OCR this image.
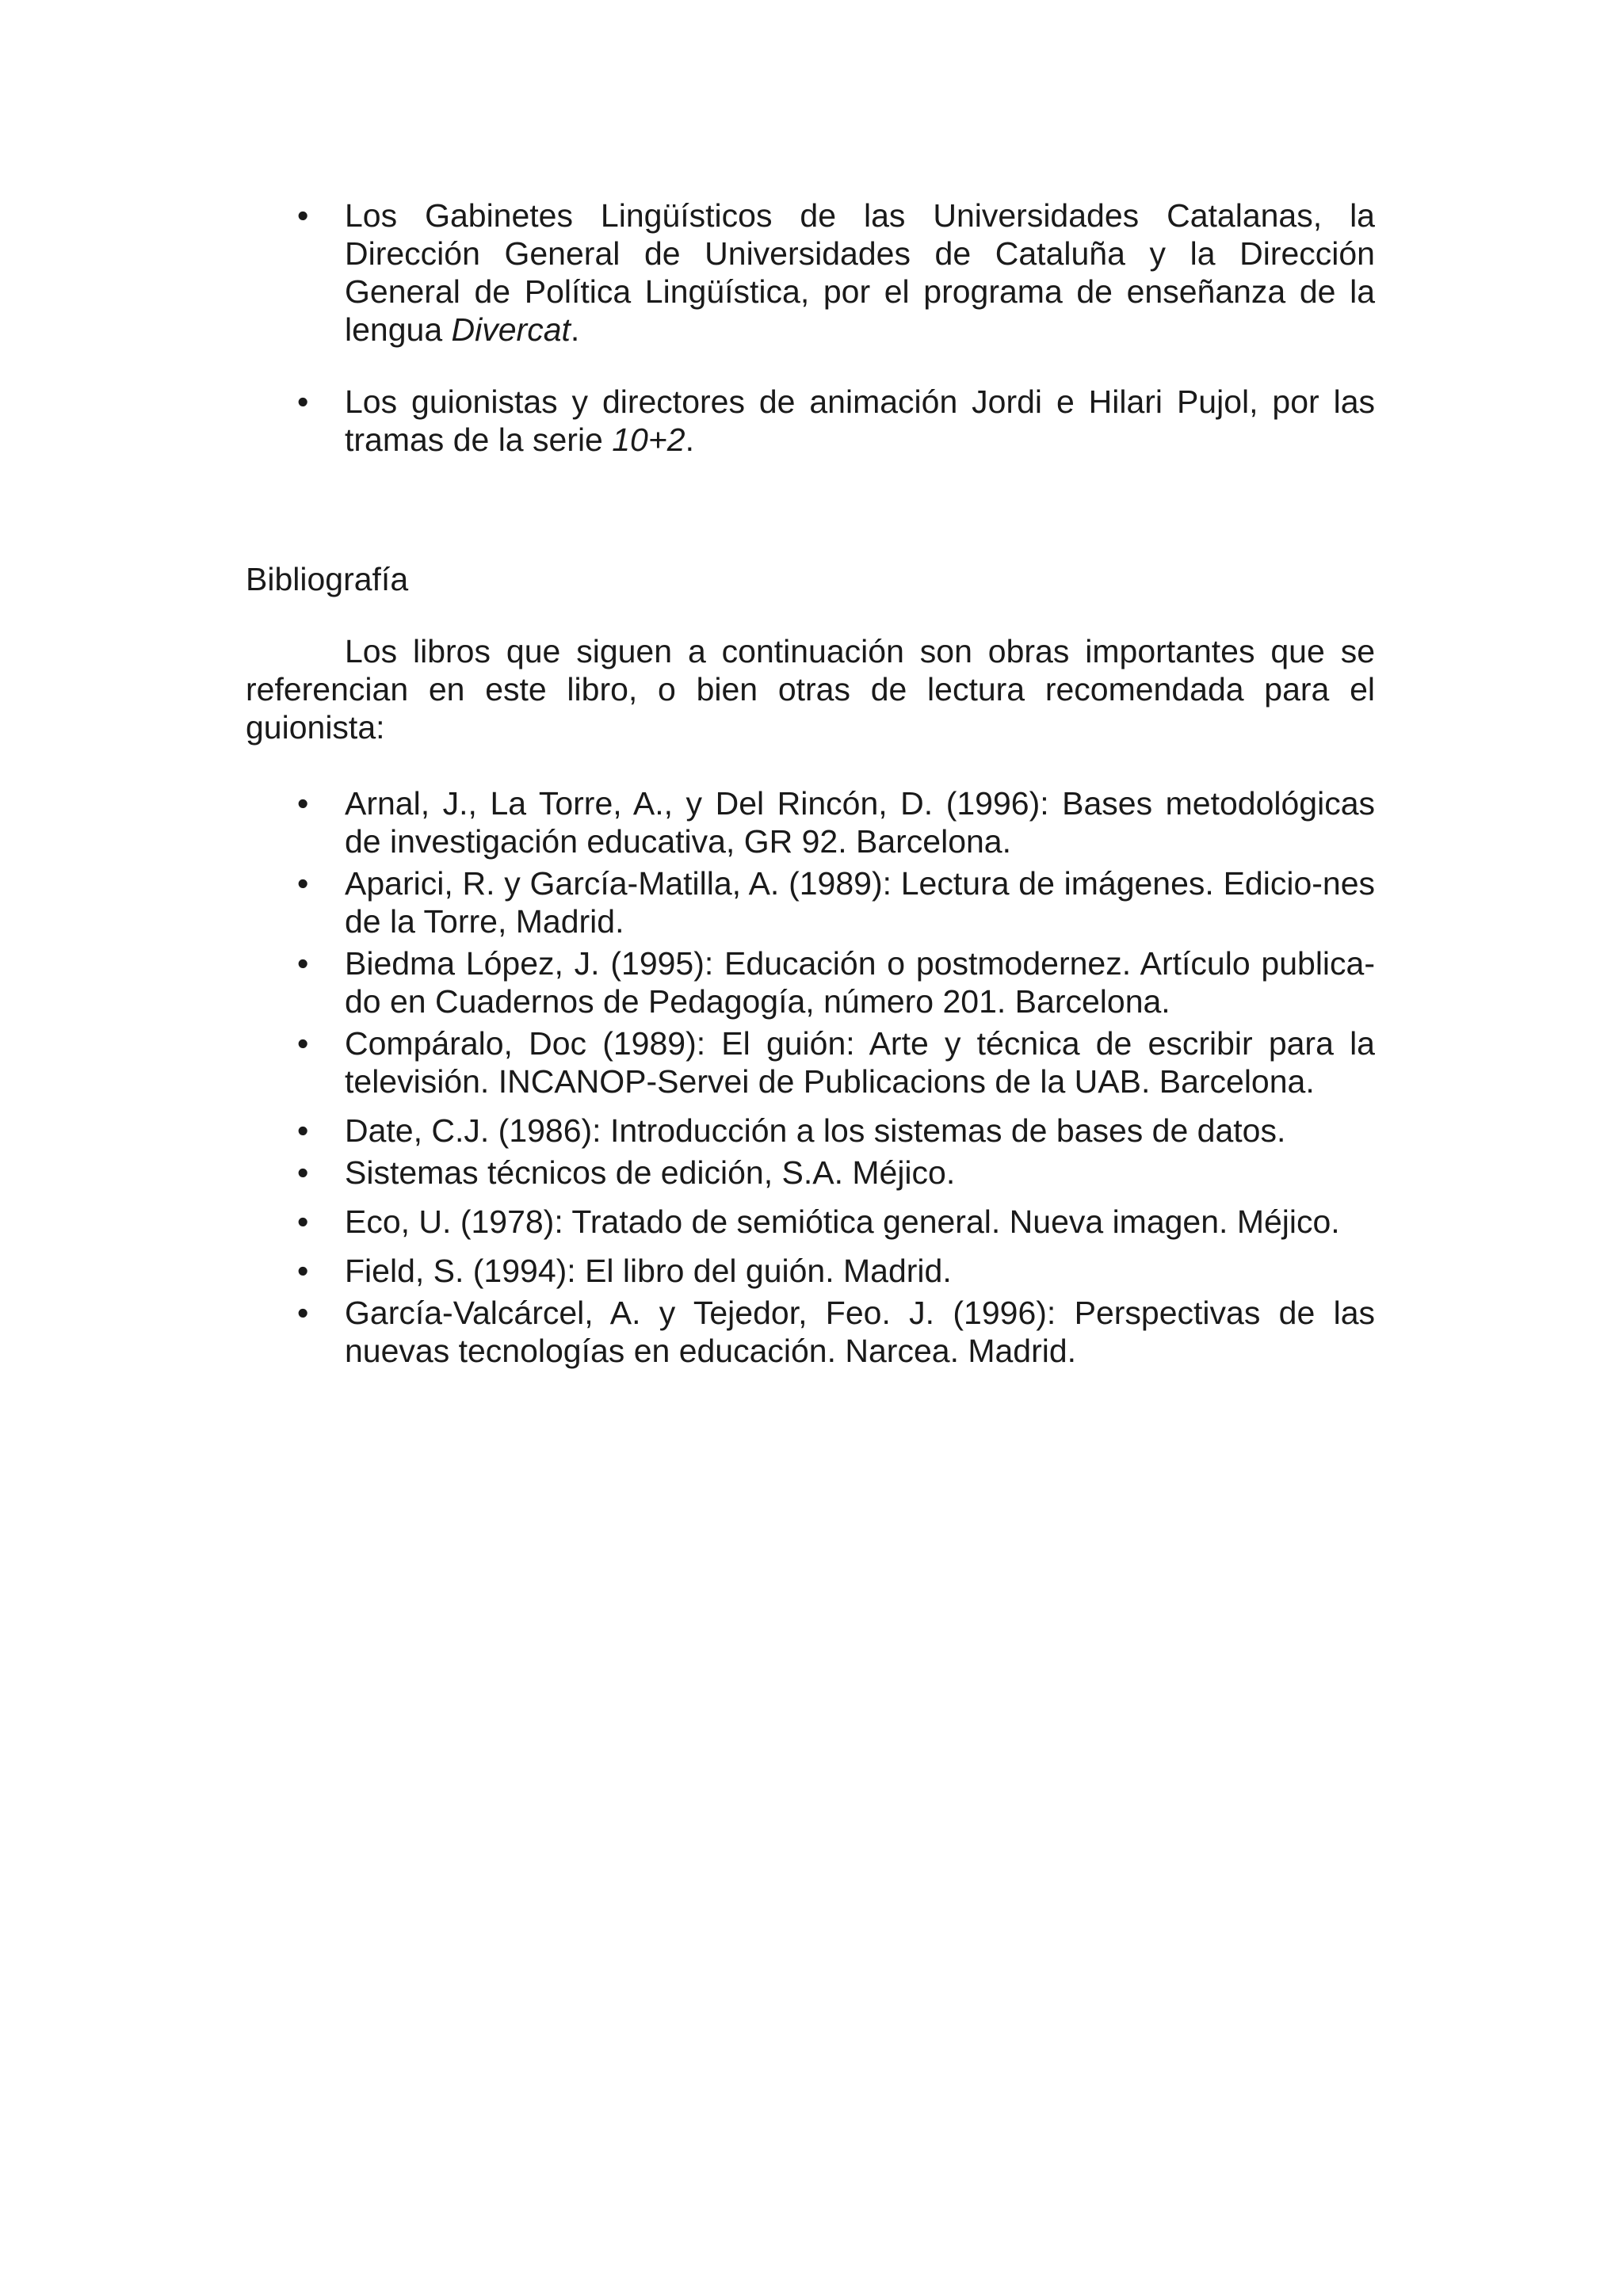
• Los Gabinetes Lingüísticos de las Universidades Catalanas, la Dirección General de Universidades de Cataluña y la Dirección General de Política Lingüística, por el programa de enseñanza de la lengua Divercat.
• Los guionistas y directores de animación Jordi e Hilari Pujol, por las tramas de la serie 10+2.
Bibliografía

Los libros que siguen a continuación son obras importantes que se referencian en este libro, o bien otras de lectura recomendada para el guionista:

• Arnal, J., La Torre, A., y Del Rincón, D. (1996): Bases metodológicas de investigación educativa, GR 92. Barcelona.
• Aparici, R. y García-Matilla, A. (1989): Lectura de imágenes. Edicio-nes de la Torre, Madrid.
• Biedma López, J. (1995): Educación o postmodernez. Artículo publica-do en Cuadernos de Pedagogía, número 201. Barcelona.
• Compáralo, Doc (1989): El guión: Arte y técnica de escribir para la televisión. INCANOP-Servei de Publicacions de la UAB. Barcelona.
• Date, C.J. (1986): Introducción a los sistemas de bases de datos.
• Sistemas técnicos de edición, S.A. Méjico.
• Eco, U. (1978): Tratado de semiótica general. Nueva imagen. Méjico.
• Field, S. (1994): El libro del guión. Madrid.
• García-Valcárcel, A. y Tejedor, Feo. J. (1996): Perspectivas de las nuevas tecnologías en educación. Narcea. Madrid.
